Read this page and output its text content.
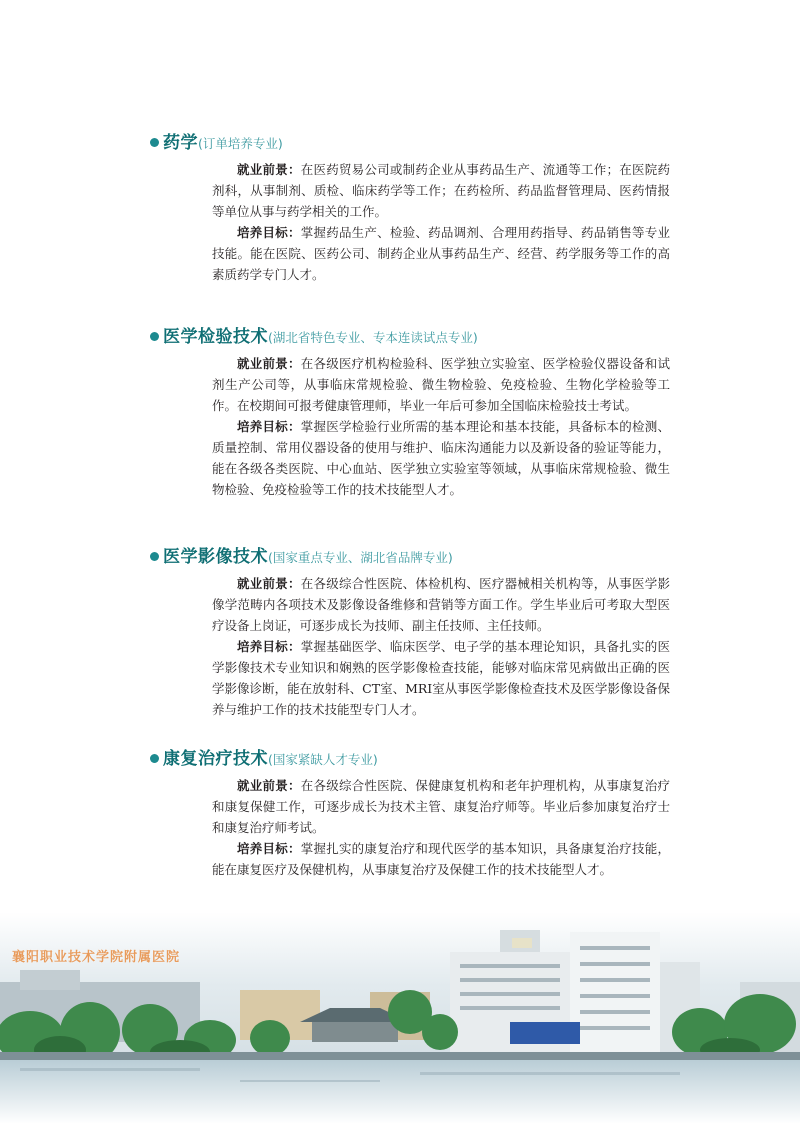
药学 (订单培养专业)

就业前景：在医药贸易公司或制药企业从事药品生产、流通等工作；在医院药剂科，从事制剂、质检、临床药学等工作；在药检所、药品监督管理局、医药情报等单位从事与药学相关的工作。

培养目标：掌握药品生产、检验、药品调剂、合理用药指导、药品销售等专业技能。能在医院、医药公司、制药企业从事药品生产、经营、药学服务等工作的高素质药学专门人才。

医学检验技术 (湖北省特色专业、专本连读试点专业)

就业前景：在各级医疗机构检验科、医学独立实验室、医学检验仪器设备和试剂生产公司等，从事临床常规检验、微生物检验、免疫检验、生物化学检验等工作。在校期间可报考健康管理师，毕业一年后可参加全国临床检验技士考试。

培养目标：掌握医学检验行业所需的基本理论和基本技能，具备标本的检测、质量控制、常用仪器设备的使用与维护、临床沟通能力以及新设备的验证等能力，能在各级各类医院、中心血站、医学独立实验室等领域，从事临床常规检验、微生物检验、免疫检验等工作的技术技能型人才。

医学影像技术 (国家重点专业、湖北省品牌专业)

就业前景：在各级综合性医院、体检机构、医疗器械相关机构等，从事医学影像学范畴内各项技术及影像设备维修和营销等方面工作。学生毕业后可考取大型医疗设备上岗证，可逐步成长为技师、副主任技师、主任技师。

培养目标：掌握基础医学、临床医学、电子学的基本理论知识，具备扎实的医学影像技术专业知识和娴熟的医学影像检查技能，能够对临床常见病做出正确的医学影像诊断，能在放射科、CT室、MRI室从事医学影像检查技术及医学影像设备保养与维护工作的技术技能型专门人才。

康复治疗技术 (国家紧缺人才专业)

就业前景：在各级综合性医院、保健康复机构和老年护理机构，从事康复治疗和康复保健工作，可逐步成长为技术主管、康复治疗师等。毕业后参加康复治疗士和康复治疗师考试。

培养目标：掌握扎实的康复治疗和现代医学的基本知识，具备康复治疗技能，能在康复医疗及保健机构，从事康复治疗及保健工作的技术技能型人才。

襄阳职业技术学院附属医院
